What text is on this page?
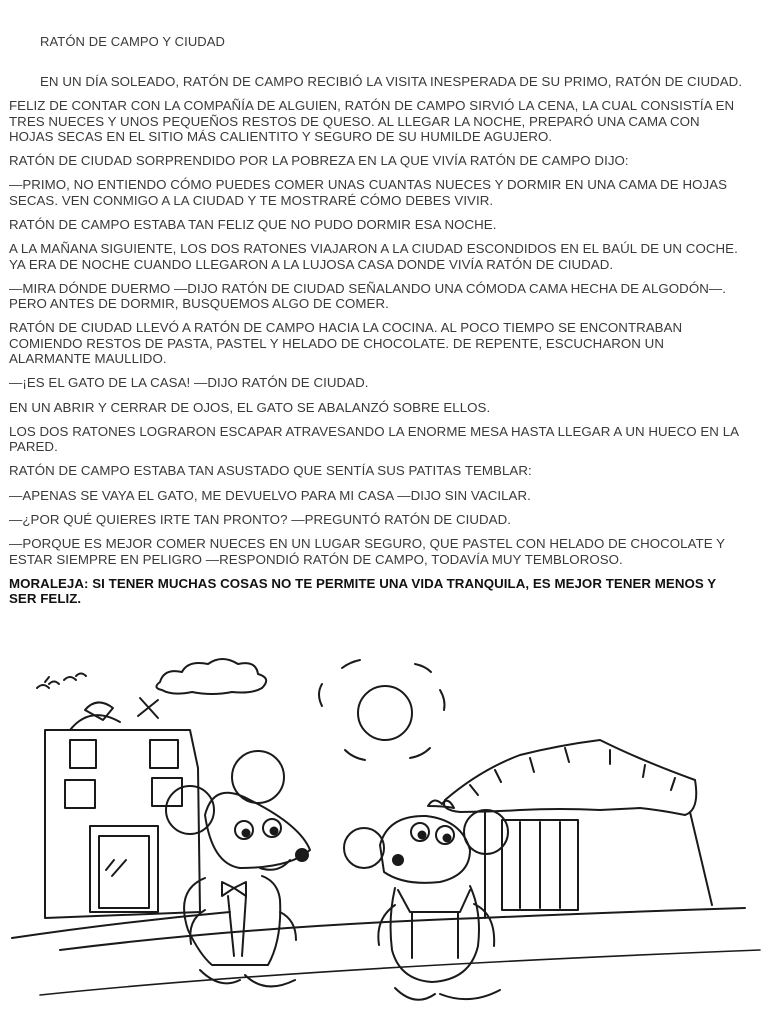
RATÓN DE CAMPO Y CIUDAD

EN UN DÍA SOLEADO, RATÓN DE CAMPO RECIBIÓ LA VISITA INESPERADA DE SU PRIMO, RATÓN DE CIUDAD.

FELIZ DE CONTAR CON LA COMPAÑÍA DE ALGUIEN, RATÓN DE CAMPO SIRVIÓ LA CENA, LA CUAL CONSISTÍA EN TRES NUECES Y UNOS PEQUEÑOS RESTOS DE QUESO. AL LLEGAR LA NOCHE, PREPARÓ UNA CAMA CON HOJAS SECAS EN EL SITIO MÁS CALIENTITO Y SEGURO DE SU HUMILDE AGUJERO.

RATÓN DE CIUDAD SORPRENDIDO POR LA POBREZA EN LA QUE VIVÍA RATÓN DE CAMPO DIJO:

—PRIMO, NO ENTIENDO CÓMO PUEDES COMER UNAS CUANTAS NUECES Y DORMIR EN UNA CAMA DE HOJAS SECAS. VEN CONMIGO A LA CIUDAD Y TE MOSTRARÉ CÓMO DEBES VIVIR.

RATÓN DE CAMPO ESTABA TAN FELIZ QUE NO PUDO DORMIR ESA NOCHE.

A LA MAÑANA SIGUIENTE, LOS DOS RATONES VIAJARON A LA CIUDAD ESCONDIDOS EN EL BAÚL DE UN COCHE. YA ERA DE NOCHE CUANDO LLEGARON A LA LUJOSA CASA DONDE VIVÍA RATÓN DE CIUDAD.

—MIRA DÓNDE DUERMO —DIJO RATÓN DE CIUDAD SEÑALANDO UNA CÓMODA CAMA HECHA DE ALGODÓN—. PERO ANTES DE DORMIR, BUSQUEMOS ALGO DE COMER.

RATÓN DE CIUDAD LLEVÓ A RATÓN DE CAMPO HACIA LA COCINA. AL POCO TIEMPO SE ENCONTRABAN COMIENDO RESTOS DE PASTA, PASTEL Y HELADO DE CHOCOLATE. DE REPENTE, ESCUCHARON UN ALARMANTE MAULLIDO.

—¡ES EL GATO DE LA CASA! —DIJO RATÓN DE CIUDAD.

EN UN ABRIR Y CERRAR DE OJOS, EL GATO SE ABALANZÓ SOBRE ELLOS.

LOS DOS RATONES LOGRARON ESCAPAR ATRAVESANDO LA ENORME MESA HASTA LLEGAR A UN HUECO EN LA PARED.

RATÓN DE CAMPO ESTABA TAN ASUSTADO QUE SENTÍA SUS PATITAS TEMBLAR:

—APENAS SE VAYA EL GATO, ME DEVUELVO PARA MI CASA —DIJO SIN VACILAR.

—¿POR QUÉ QUIERES IRTE TAN PRONTO? —PREGUNTÓ RATÓN DE CIUDAD.

—PORQUE ES MEJOR COMER NUECES EN UN LUGAR SEGURO, QUE PASTEL CON HELADO DE CHOCOLATE Y ESTAR SIEMPRE EN PELIGRO —RESPONDIÓ RATÓN DE CAMPO, TODAVÍA MUY TEMBLOROSO.

MORALEJA: SI TENER MUCHAS COSAS NO TE PERMITE UNA VIDA TRANQUILA, ES MEJOR TENER MENOS Y SER FELIZ.
